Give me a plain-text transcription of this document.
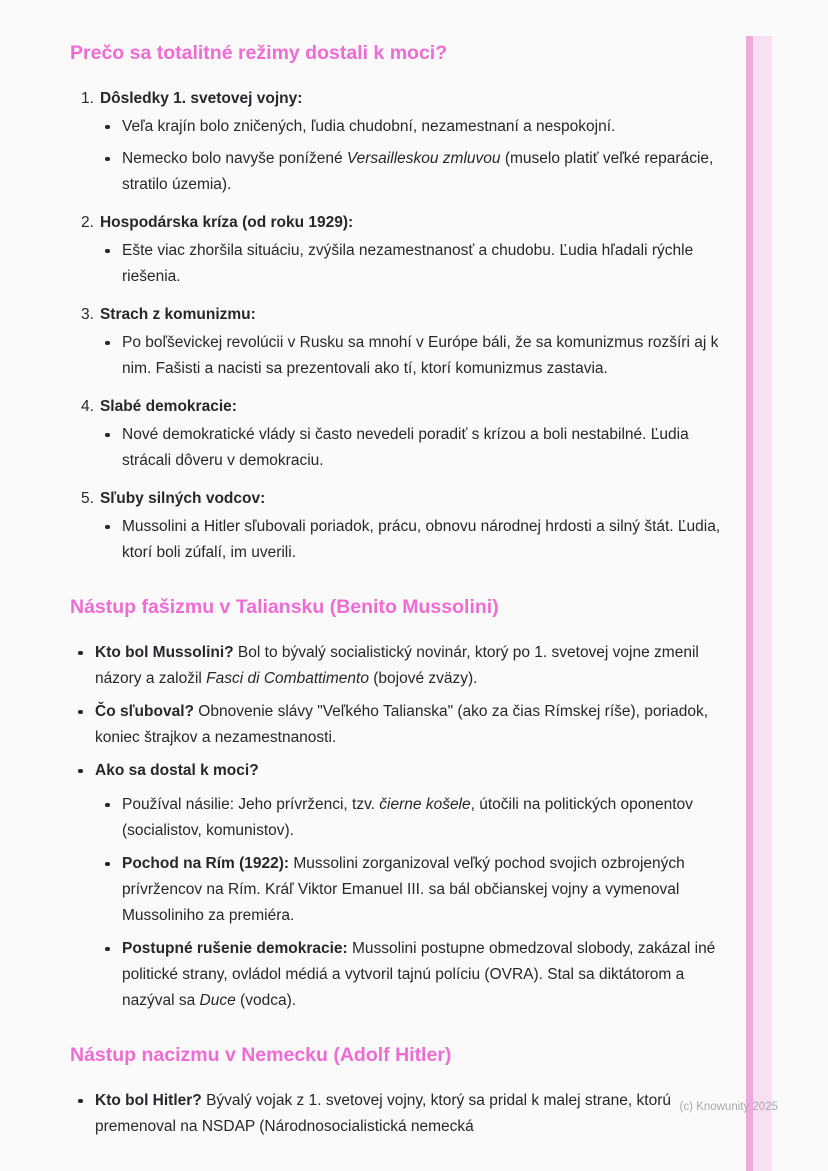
Prečo sa totalitné režimy dostali k moci?
1. Dôsledky 1. svetovej vojny:
Veľa krajín bolo zničených, ľudia chudobní, nezamestnaní a nespokojní.
Nemecko bolo navyše ponížené Versailleskou zmluvou (muselo platiť veľké reparácie, stratilo územia).
2. Hospodárska kríza (od roku 1929):
Ešte viac zhoršila situáciu, zvýšila nezamestnanosť a chudobu. Ľudia hľadali rýchle riešenia.
3. Strach z komunizmu:
Po boľševickej revolúcii v Rusku sa mnohí v Európe báli, že sa komunizmus rozšíri aj k nim. Fašisti a nacisti sa prezentovali ako tí, ktorí komunizmus zastavia.
4. Slabé demokracie:
Nové demokratické vlády si často nevedeli poradiť s krízou a boli nestabilné. Ľudia strácali dôveru v demokraciu.
5. Sľuby silných vodcov:
Mussolini a Hitler sľubovali poriadok, prácu, obnovu národnej hrdosti a silný štát. Ľudia, ktorí boli zúfalí, im uverili.
Nástup fašizmu v Taliansku (Benito Mussolini)
Kto bol Mussolini? Bol to bývalý socialistický novinár, ktorý po 1. svetovej vojne zmenil názory a založil Fasci di Combattimento (bojové zväzy).
Čo sľuboval? Obnovenie slávy "Veľkého Talianska" (ako za čias Rímskej ríše), poriadok, koniec štrajkov a nezamestnanosti.
Ako sa dostal k moci?
Používal násilie: Jeho prívrženci, tzv. čierne košele, útočili na politických oponentov (socialistov, komunistov).
Pochod na Rím (1922): Mussolini zorganizoval veľký pochod svojich ozbrojených prívržencov na Rím. Kráľ Viktor Emanuel III. sa bál občianskej vojny a vymenoval Mussoliniho za premiéra.
Postupné rušenie demokracie: Mussolini postupne obmedzoval slobody, zakázal iné politické strany, ovládol médiá a vytvoril tajnú políciu (OVRA). Stal sa diktátorom a nazýval sa Duce (vodca).
Nástup nacizmu v Nemecku (Adolf Hitler)
Kto bol Hitler? Bývalý vojak z 1. svetovej vojny, ktorý sa pridal k malej strane, ktorú premenoval na NSDAP (Národnosocialistická nemecká
(c) Knowunity 2025
